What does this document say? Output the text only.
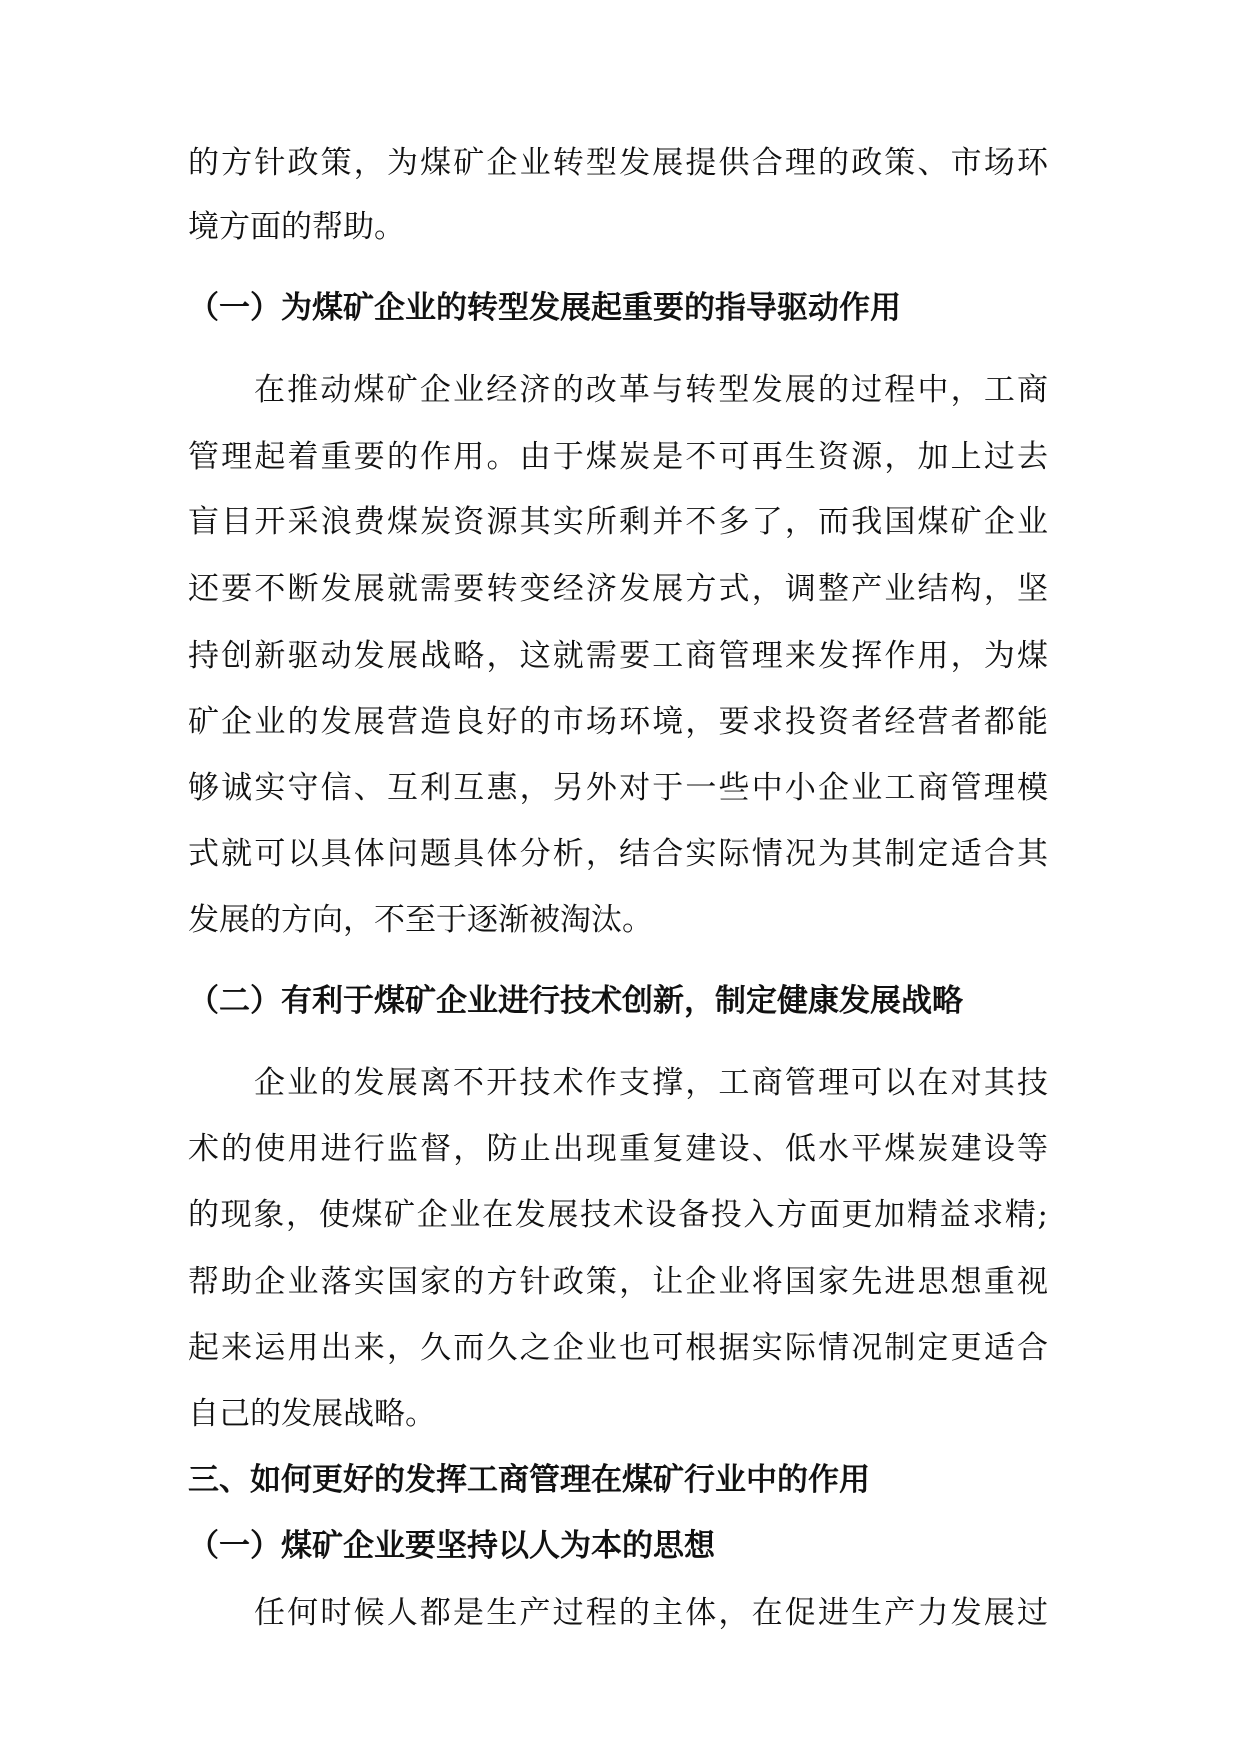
的方针政策，为煤矿企业转型发展提供合理的政策、市场环
境方面的帮助。
（一）为煤矿企业的转型发展起重要的指导驱动作用
在推动煤矿企业经济的改革与转型发展的过程中，工商
管理起着重要的作用。由于煤炭是不可再生资源，加上过去
盲目开采浪费煤炭资源其实所剩并不多了，而我国煤矿企业
还要不断发展就需要转变经济发展方式，调整产业结构，坚
持创新驱动发展战略，这就需要工商管理来发挥作用，为煤
矿企业的发展营造良好的市场环境，要求投资者经营者都能
够诚实守信、互利互惠，另外对于一些中小企业工商管理模
式就可以具体问题具体分析，结合实际情况为其制定适合其
发展的方向，不至于逐渐被淘汰。
（二）有利于煤矿企业进行技术创新，制定健康发展战略
企业的发展离不开技术作支撑，工商管理可以在对其技
术的使用进行监督，防止出现重复建设、低水平煤炭建设等
的现象，使煤矿企业在发展技术设备投入方面更加精益求精;
帮助企业落实国家的方针政策，让企业将国家先进思想重视
起来运用出来，久而久之企业也可根据实际情况制定更适合
自己的发展战略。
三、如何更好的发挥工商管理在煤矿行业中的作用
（一）煤矿企业要坚持以人为本的思想
任何时候人都是生产过程的主体，在促进生产力发展过
